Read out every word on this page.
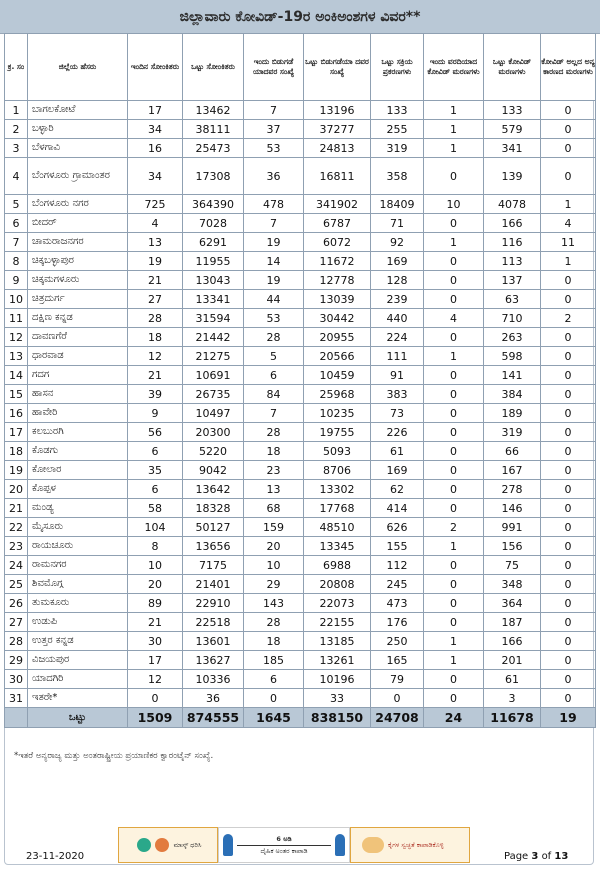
ಜಿಲ್ಲಾವಾರು ಕೋವಿಡ್-19ರ ಅಂಕಿಅಂಶಗಳ ವಿವರ**
ಕ್ರ. ಸಂ	ಜಿಲ್ಲೆಯ ಹೆಸರು	ಇಂದಿನ ಸೋಂಕಿತರು	ಒಟ್ಟು ಸೋಂಕಿತರು	ಇಂದು ಬಿಡುಗಡೆ ಯಾದವರ ಸಂಖ್ಯೆ	ಒಟ್ಟು ಬಿಡುಗಡೆಯಾ ದವರ ಸಂಖ್ಯೆ	ಒಟ್ಟು ಸಕ್ರಿಯ ಪ್ರಕರಣಗಳು	ಇಂದು ವರದಿಯಾದ ಕೋವಿಡ್ ಮರಣಗಳು	ಒಟ್ಟು ಕೋವಿಡ್ ಮರಣಗಳು	ಕೋವಿಡ್ ಅಲ್ಲದ ಅನ್ಯ ಕಾರಣದ ಮರಣಗಳು
1	ಬಾಗಲಕೋಟೆ	17	13462	7	13196	133	1	133	0
2	ಬಳ್ಳಾರಿ	34	38111	37	37277	255	1	579	0
3	ಬೆಳಗಾವಿ	16	25473	53	24813	319	1	341	0
4	ಬೆಂಗಳೂರು ಗ್ರಾಮಾಂತರ	34	17308	36	16811	358	0	139	0
5	ಬೆಂಗಳೂರು ನಗರ	725	364390	478	341902	18409	10	4078	1
6	ಬೀದರ್	4	7028	7	6787	71	0	166	4
7	ಚಾಮರಾಜನಗರ	13	6291	19	6072	92	1	116	11
8	ಚಿಕ್ಕಬಳ್ಳಾಪುರ	19	11955	14	11672	169	0	113	1
9	ಚಿಕ್ಕಮಗಳೂರು	21	13043	19	12778	128	0	137	0
10	ಚಿತ್ರದುರ್ಗ	27	13341	44	13039	239	0	63	0
11	ದಕ್ಷಿಣ ಕನ್ನಡ	28	31594	53	30442	440	4	710	2
12	ದಾವಣಗೆರೆ	18	21442	28	20955	224	0	263	0
13	ಧಾರವಾಡ	12	21275	5	20566	111	1	598	0
14	ಗದಗ	21	10691	6	10459	91	0	141	0
15	ಹಾಸನ	39	26735	84	25968	383	0	384	0
16	ಹಾವೇರಿ	9	10497	7	10235	73	0	189	0
17	ಕಲಬುರಗಿ	56	20300	28	19755	226	0	319	0
18	ಕೊಡಗು	6	5220	18	5093	61	0	66	0
19	ಕೋಲಾರ	35	9042	23	8706	169	0	167	0
20	ಕೊಪ್ಪಳ	6	13642	13	13302	62	0	278	0
21	ಮಂಡ್ಯ	58	18328	68	17768	414	0	146	0
22	ಮೈಸೂರು	104	50127	159	48510	626	2	991	0
23	ರಾಯಚೂರು	8	13656	20	13345	155	1	156	0
24	ರಾಮನಗರ	10	7175	10	6988	112	0	75	0
25	ಶಿವಮೊಗ್ಗ	20	21401	29	20808	245	0	348	0
26	ತುಮಕೂರು	89	22910	143	22073	473	0	364	0
27	ಉಡುಪಿ	21	22518	28	22155	176	0	187	0
28	ಉತ್ತರ ಕನ್ನಡ	30	13601	18	13185	250	1	166	0
29	ವಿಜಯಪುರ	17	13627	185	13261	165	1	201	0
30	ಯಾದಗಿರಿ	12	10336	6	10196	79	0	61	0
31	ಇತರೇ*	0	36	0	33	0	0	3	0
	ಒಟ್ಟು	1509	874555	1645	838150	24708	24	11678	19
*ಇತರೆ ಅನ್ಯರಾಜ್ಯ ಮತ್ತು ಅಂತರಾಷ್ಟ್ರೀಯ ಪ್ರಯಾಣಿಕರ ಕ್ವಾರಂಟೈನ್ ಸಂಖ್ಯೆ.
ಮಾಸ್ಕ್ ಧರಿಸಿ
6 ಅಡಿ
ದೈಹಿಕ ಅಂತರ ಕಾಪಾಡಿ
ಕೈಗಳ ಸ್ವಚ್ಛತೆ ಕಾಪಾಡಿಕೊಳ್ಳಿ
23-11-2020	Page 3 of 13
